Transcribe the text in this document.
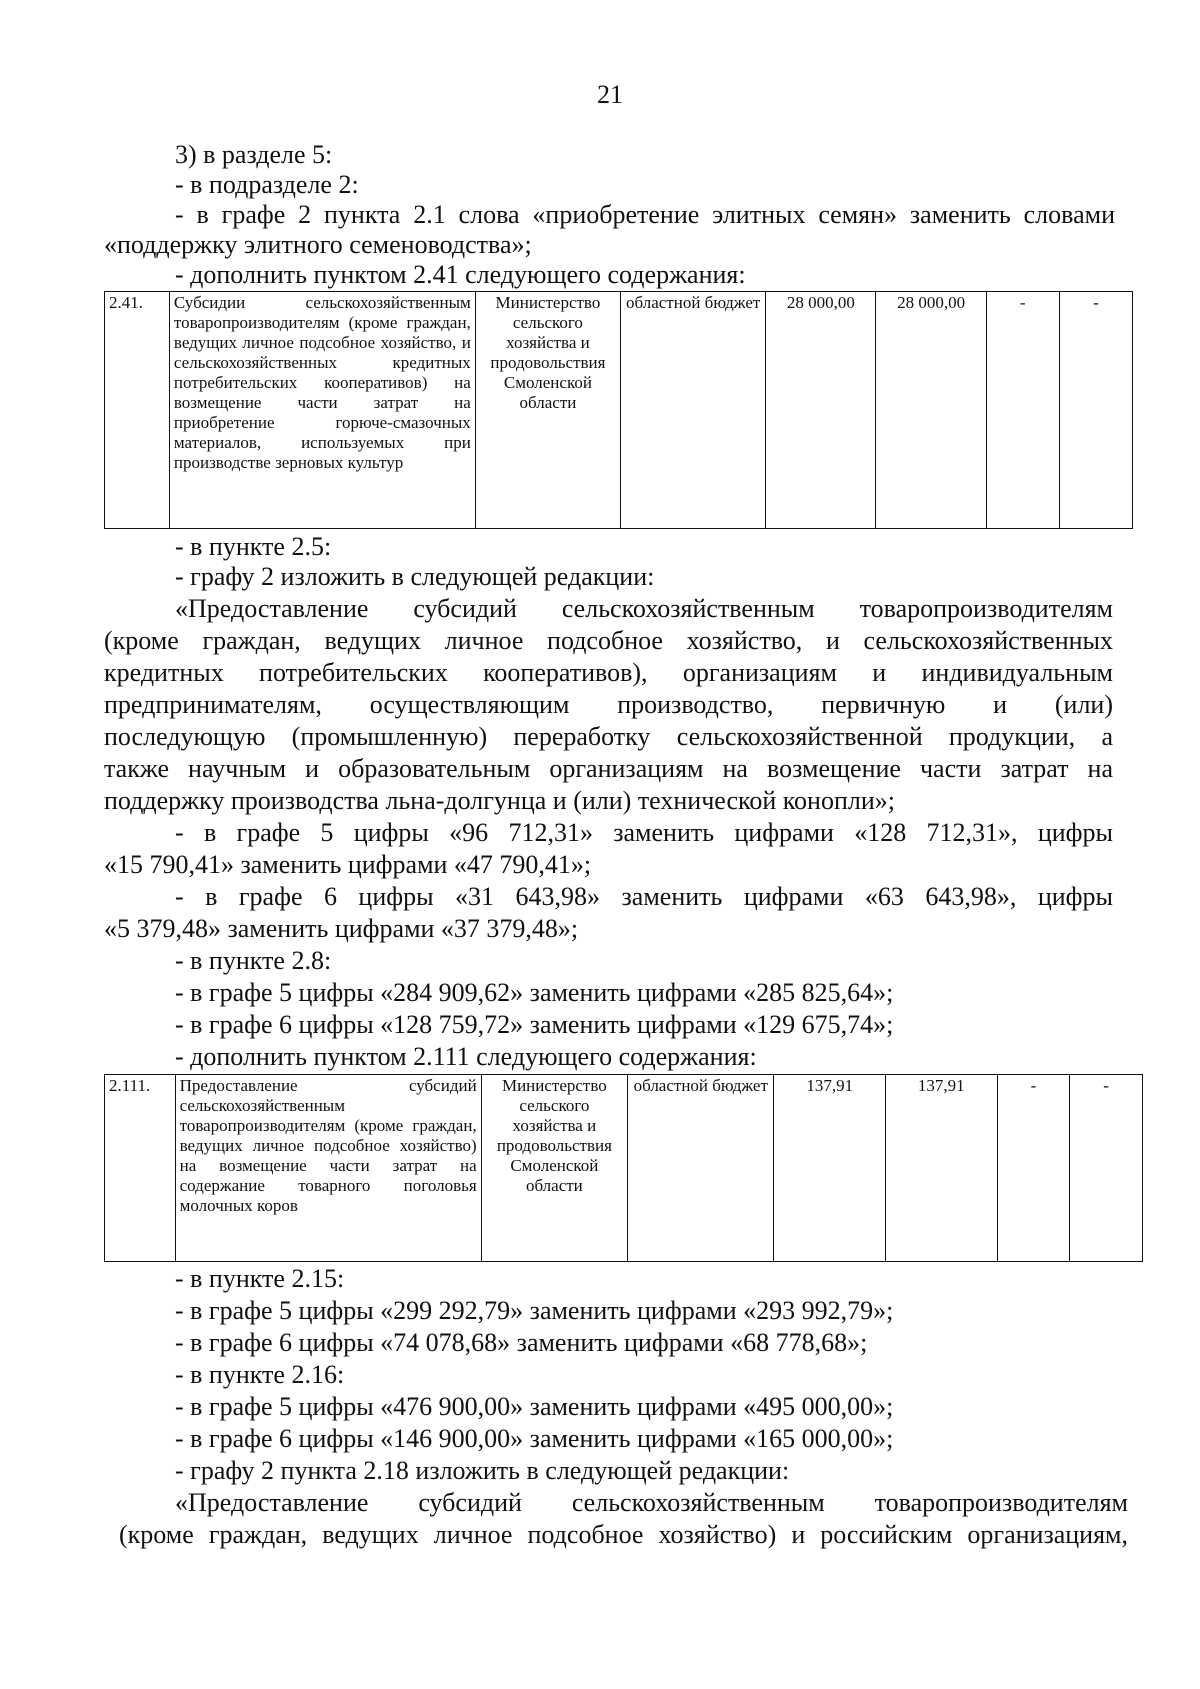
21
3) в разделе 5:
- в подразделе 2:
- в графе 2 пункта 2.1 слова «приобретение элитных семян» заменить словами
«поддержку элитного семеноводства»;
- дополнить пунктом 2.41 следующего содержания:
2.41.	Субсидии сельскохозяйственным товаропроизводителям (кроме граждан, ведущих личное подсобное хозяйство, и сельскохозяйственных кредитных потребительских кооперативов) на возмещение части затрат на приобретение горюче-смазочных материалов, используемых при производстве зерновых культур	Министерство сельского хозяйства и продовольствия Смоленской области	областной бюджет	28 000,00	28 000,00	-	-
- в пункте 2.5:
- графу 2 изложить в следующей редакции:
«Предоставление субсидий сельскохозяйственным товаропроизводителям
(кроме граждан, ведущих личное подсобное хозяйство, и сельскохозяйственных
кредитных потребительских кооперативов), организациям и индивидуальным
предпринимателям, осуществляющим производство, первичную и (или)
последующую (промышленную) переработку сельскохозяйственной продукции, а
также научным и образовательным организациям на возмещение части затрат на
поддержку производства льна-долгунца и (или) технической конопли»;
- в графе 5 цифры «96 712,31» заменить цифрами «128 712,31», цифры
«15 790,41» заменить цифрами «47 790,41»;
- в графе 6 цифры «31 643,98» заменить цифрами «63 643,98», цифры
«5 379,48» заменить цифрами «37 379,48»;
- в пункте 2.8:
- в графе 5 цифры «284 909,62» заменить цифрами «285 825,64»;
- в графе 6 цифры «128 759,72» заменить цифрами «129 675,74»;
- дополнить пунктом 2.111 следующего содержания:
2.111.	Предоставление субсидий сельскохозяйственным товаропроизводителям (кроме граждан, ведущих личное подсобное хозяйство) на возмещение части затрат на содержание товарного поголовья молочных коров	Министерство сельского хозяйства и продовольствия Смоленской области	областной бюджет	137,91	137,91	-	-
- в пункте 2.15:
- в графе 5 цифры «299 292,79» заменить цифрами «293 992,79»;
- в графе 6 цифры «74 078,68» заменить цифрами «68 778,68»;
- в пункте 2.16:
- в графе 5 цифры «476 900,00» заменить цифрами «495 000,00»;
- в графе 6 цифры «146 900,00» заменить цифрами «165 000,00»;
- графу 2 пункта 2.18 изложить в следующей редакции:
«Предоставление субсидий сельскохозяйственным товаропроизводителям
(кроме граждан, ведущих личное подсобное хозяйство) и российским организациям,
